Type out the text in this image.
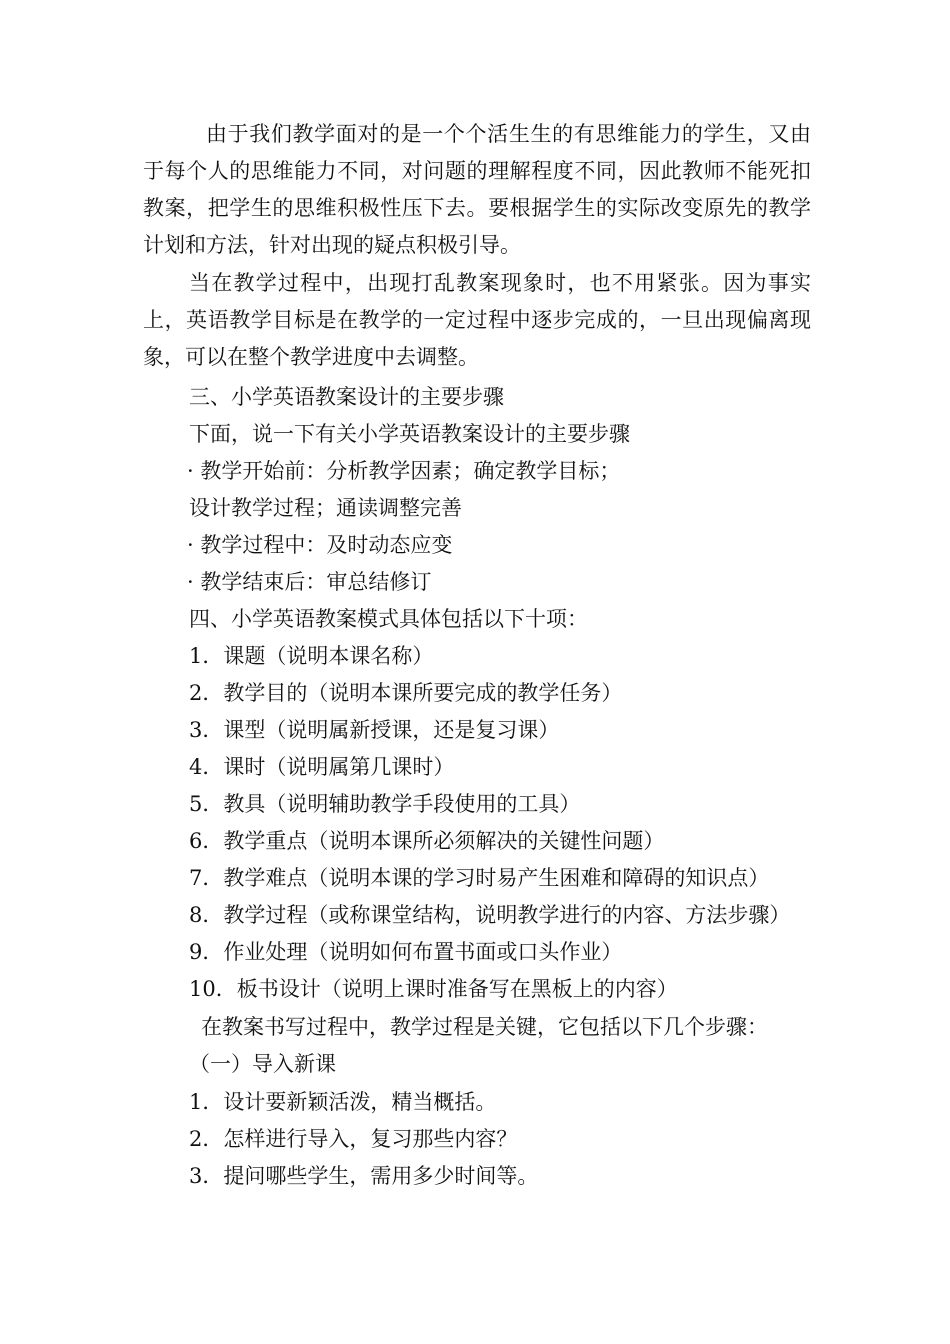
由于我们教学面对的是一个个活生生的有思维能力的学生，又由于每个人的思维能力不同，对问题的理解程度不同，因此教师不能死扣教案，把学生的思维积极性压下去。要根据学生的实际改变原先的教学计划和方法，针对出现的疑点积极引导。

当在教学过程中，出现打乱教案现象时，也不用紧张。因为事实上，英语教学目标是在教学的一定过程中逐步完成的，一旦出现偏离现象，可以在整个教学进度中去调整。

三、小学英语教案设计的主要步骤

下面，说一下有关小学英语教案设计的主要步骤

· 教学开始前：分析教学因素；确定教学目标；

设计教学过程；通读调整完善

· 教学过程中：及时动态应变

· 教学结束后：审总结修订

四、小学英语教案模式具体包括以下十项：

1．课题（说明本课名称）

2．教学目的（说明本课所要完成的教学任务）

3．课型（说明属新授课，还是复习课）

4．课时（说明属第几课时）

5．教具（说明辅助教学手段使用的工具）

6．教学重点（说明本课所必须解决的关键性问题）

7．教学难点（说明本课的学习时易产生困难和障碍的知识点）

8．教学过程（或称课堂结构，说明教学进行的内容、方法步骤）

9．作业处理（说明如何布置书面或口头作业）

10．板书设计（说明上课时准备写在黑板上的内容）

在教案书写过程中，教学过程是关键，它包括以下几个步骤：

（一）导入新课

1．设计要新颖活泼，精当概括。

2．怎样进行导入，复习那些内容？

3．提问哪些学生，需用多少时间等。
